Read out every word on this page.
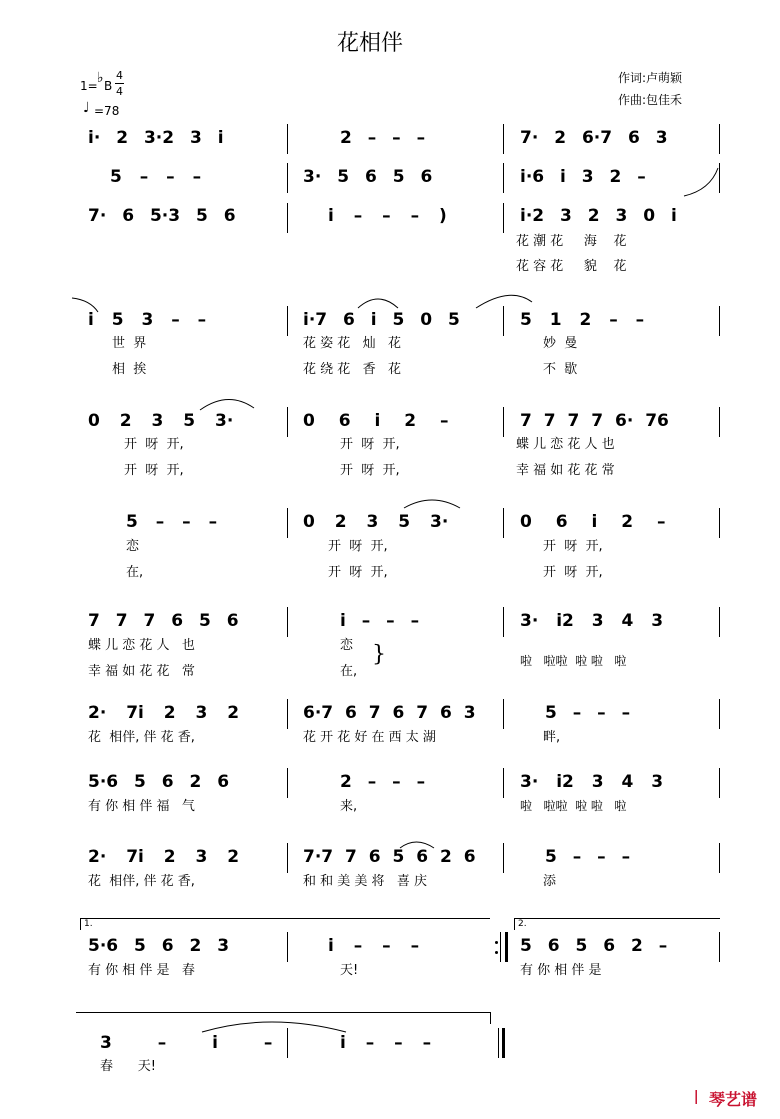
花相伴
1= ♭ B
4
4
♩ =78
作词:卢萌颖
作曲:包佳禾
i· 2 3·2 3 i	2 – – –	7· 2 6·7 6 3
5 – – –	3· 5 6 5 6	i·6 i 3 2 –
7· 6 5·3 5 6	i – – – )	i·2 3 2 3 0 i
花 潮 花     海    花
花 容 花     貌    花
i 5 3 – –	i·7 6 i 5 0 5	5 1 2 – –
世  界	花 姿 花   灿   花	妙  曼
相  挨	花 绕 花   香   花	不  歇
0 2 3 5 3·	0 6 i 2 –	7 7 7 7 6· 76
开  呀  开,	开  呀  开,	蝶 儿 恋 花 人 也
开  呀  开,	开  呀  开,	幸 福 如 花 花 常
5 – – –	0 2 3 5 3·	0 6 i 2 –
恋	开  呀  开,	开  呀  开,
在,	开  呀  开,	开  呀  开,
7 7 7 6 5 6	i – – –	3· i2 3 4 3
蝶 儿 恋 花 人   也	恋
啦   啦啦  啦 啦   啦
幸 福 如 花 花   常	在,
}
2· 7i 2 3 2	6·7 6 7 6 7 6 3	5 – – –
花  相伴, 伴 花 香,	花 开 花 好 在 西 太 湖	畔,
5·6 5 6 2 6	2 – – –	3· i2 3 4 3
有 你 相 伴 福   气	来,	啦   啦啦  啦 啦   啦
2· 7i 2 3 2	7·7 7 6 5 6 2 6	5 – – –
花  相伴, 伴 花 香,	和 和 美 美 将   喜 庆	添
1.	2.
5·6 5 6 2 3	i – – –	5 6 5 6 2 –
有 你 相 伴 是   春	天!	有 你 相 伴 是
3 – i –	i – – –
春      天!
ꟾ 琴艺谱
